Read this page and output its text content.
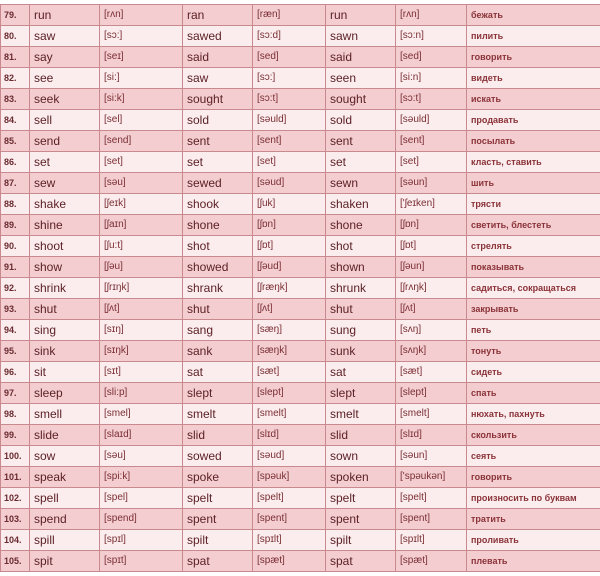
79.	run	[rʌn]	ran	[ræn]	run	[rʌn]	бежать
80.	saw	[sɔ:]	sawed	[sɔ:d]	sawn	[sɔ:n]	пилить
81.	say	[seɪ]	said	[sed]	said	[sed]	говорить
82.	see	[si:]	saw	[sɔ:]	seen	[si:n]	видеть
83.	seek	[si:k]	sought	[sɔ:t]	sought	[sɔ:t]	искать
84.	sell	[sel]	sold	[səuld]	sold	[səuld]	продавать
85.	send	[send]	sent	[sent]	sent	[sent]	посылать
86.	set	[set]	set	[set]	set	[set]	класть, ставить
87.	sew	[səu]	sewed	[səud]	sewn	[səun]	шить
88.	shake	[ʃeɪk]	shook	[ʃuk]	shaken	['ʃeɪken]	трясти
89.	shine	[ʃaɪn]	shone	[ʃɒn]	shone	[ʃɒn]	светить, блестеть
90.	shoot	[ʃu:t]	shot	[ʃɒt]	shot	[ʃɒt]	стрелять
91.	show	[ʃəu]	showed	[ʃəud]	shown	[ʃəun]	показывать
92.	shrink	[ʃrɪŋk]	shrank	[ʃræŋk]	shrunk	[ʃrʌŋk]	садиться, сокращаться
93.	shut	[ʃʌt]	shut	[ʃʌt]	shut	[ʃʌt]	закрывать
94.	sing	[sɪŋ]	sang	[sæŋ]	sung	[sʌŋ]	петь
95.	sink	[sɪŋk]	sank	[sæŋk]	sunk	[sʌŋk]	тонуть
96.	sit	[sɪt]	sat	[sæt]	sat	[sæt]	сидеть
97.	sleep	[sli:p]	slept	[slept]	slept	[slept]	спать
98.	smell	[smel]	smelt	[smelt]	smelt	[smelt]	нюхать, пахнуть
99.	slide	[slaɪd]	slid	[slɪd]	slid	[slɪd]	скользить
100.	sow	[səu]	sowed	[səud]	sown	[səun]	сеять
101.	speak	[spi:k]	spoke	[spəuk]	spoken	['spəukən]	говорить
102.	spell	[spel]	spelt	[spelt]	spelt	[spelt]	произносить по буквам
103.	spend	[spend]	spent	[spent]	spent	[spent]	тратить
104.	spill	[spɪl]	spilt	[spɪlt]	spilt	[spɪlt]	проливать
105.	spit	[spɪt]	spat	[spæt]	spat	[spæt]	плевать
